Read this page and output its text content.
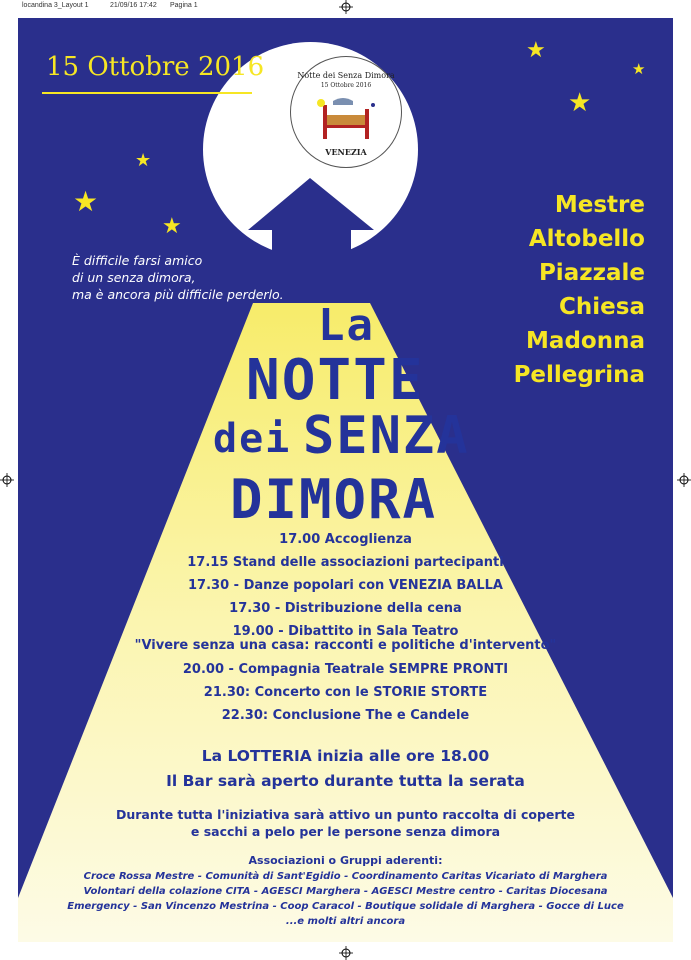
locandina 3_Layout 1	21/09/16 17:42 Pagina 1
Notte dei Senza Dimora
15 Ottobre 2016
VENEZIA
15 Ottobre 2016
★
★
★
★
★
★
È difficile farsi amico
di un senza dimora,
ma è ancora più difficile perderlo.
Mestre
Altobello
Piazzale
Chiesa
Madonna
Pellegrina
La
NOTTE
dei SENZA
DIMORA
17.00 Accoglienza
17.15 Stand delle associazioni partecipanti
17.30 - Danze popolari con VENEZIA BALLA
17.30 - Distribuzione della cena
19.00 - Dibattito in Sala Teatro
"Vivere senza una casa: racconti e politiche d'intervento"
20.00 - Compagnia Teatrale SEMPRE PRONTI
21.30: Concerto con le STORIE STORTE
22.30: Conclusione The e Candele
La LOTTERIA inizia alle ore 18.00
Il Bar sarà aperto durante tutta la serata
Durante tutta l'iniziativa sarà attivo un punto raccolta di coperte
e sacchi a pelo per le persone senza dimora
Associazioni o Gruppi aderenti:
Croce Rossa Mestre - Comunità di Sant'Egidio - Coordinamento Caritas Vicariato di Marghera
Volontari della colazione CITA - AGESCI Marghera - AGESCI Mestre centro - Caritas Diocesana
Emergency - San Vincenzo Mestrina - Coop Caracol - Boutique solidale di Marghera - Gocce di Luce
...e molti altri ancora
